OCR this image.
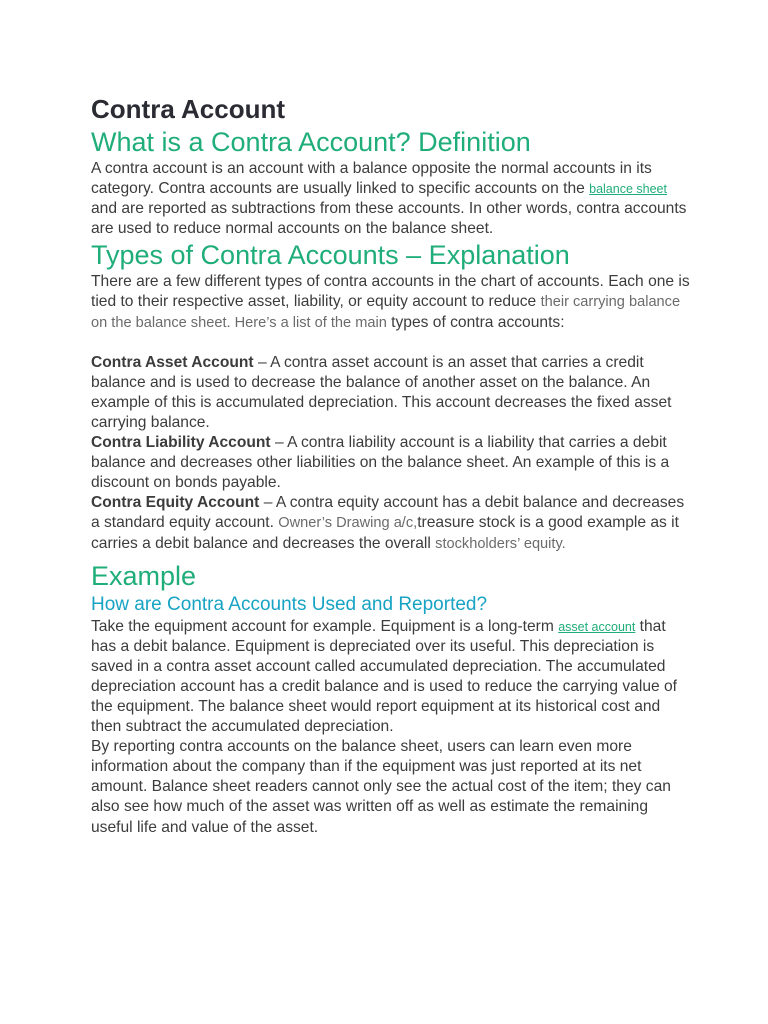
Contra Account
What is a Contra Account? Definition

A contra account is an account with a balance opposite the normal accounts in its category. Contra accounts are usually linked to specific accounts on the balance sheet and are reported as subtractions from these accounts. In other words, contra accounts are used to reduce normal accounts on the balance sheet.

Types of Contra Accounts – Explanation

There are a few different types of contra accounts in the chart of accounts. Each one is tied to their respective asset, liability, or equity account to reduce their carrying balance on the balance sheet. Here’s a list of the main types of contra accounts:

Contra Asset Account – A contra asset account is an asset that carries a credit balance and is used to decrease the balance of another asset on the balance. An example of this is accumulated depreciation. This account decreases the fixed asset carrying balance.

Contra Liability Account – A contra liability account is a liability that carries a debit balance and decreases other liabilities on the balance sheet. An example of this is a discount on bonds payable.

Contra Equity Account – A contra equity account has a debit balance and decreases a standard equity account. Owner’s Drawing a/c,treasure stock is a good example as it carries a debit balance and decreases the overall stockholders’ equity.

Example
How are Contra Accounts Used and Reported?

Take the equipment account for example. Equipment is a long-term asset account that has a debit balance. Equipment is depreciated over its useful. This depreciation is saved in a contra asset account called accumulated depreciation. The accumulated depreciation account has a credit balance and is used to reduce the carrying value of the equipment. The balance sheet would report equipment at its historical cost and then subtract the accumulated depreciation.

By reporting contra accounts on the balance sheet, users can learn even more information about the company than if the equipment was just reported at its net amount. Balance sheet readers cannot only see the actual cost of the item; they can also see how much of the asset was written off as well as estimate the remaining useful life and value of the asset.
